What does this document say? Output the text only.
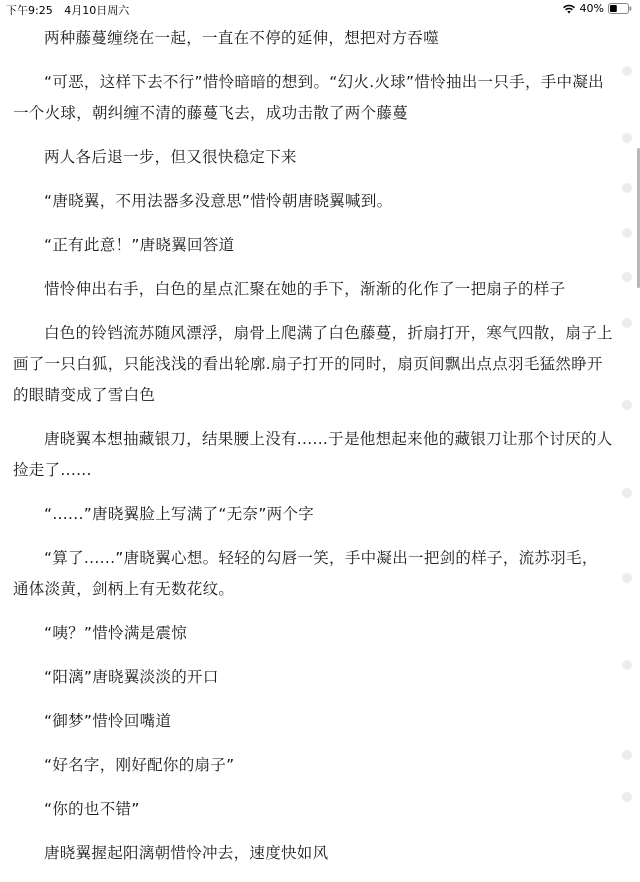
下午9:25 4月10日周六	40%

两种藤蔓缠绕在一起，一直在不停的延伸，想把对方吞噬

“可恶，这样下去不行”惜怜暗暗的想到。“幻火.火球”惜怜抽出一只手，手中凝出一个火球，朝纠缠不清的藤蔓飞去，成功击散了两个藤蔓

两人各后退一步，但又很快稳定下来

“唐晓翼，不用法器多没意思”惜怜朝唐晓翼喊到。

“正有此意！”唐晓翼回答道

惜怜伸出右手，白色的星点汇聚在她的手下，渐渐的化作了一把扇子的样子

白色的铃铛流苏随风漂浮，扇骨上爬满了白色藤蔓，折扇打开，寒气四散，扇子上画了一只白狐，只能浅浅的看出轮廓.扇子打开的同时，扇页间飘出点点羽毛猛然睁开的眼睛变成了雪白色

唐晓翼本想抽藏银刀，结果腰上没有......于是他想起来他的藏银刀让那个讨厌的人捡走了......

“......”唐晓翼脸上写满了“无奈”两个字

“算了......”唐晓翼心想。轻轻的勾唇一笑，手中凝出一把剑的样子，流苏羽毛，通体淡黄，剑柄上有无数花纹。

“咦？”惜怜满是震惊

“阳漓”唐晓翼淡淡的开口

“御梦”惜怜回嘴道

“好名字，刚好配你的扇子”

“你的也不错”

唐晓翼握起阳漓朝惜怜冲去，速度快如风
